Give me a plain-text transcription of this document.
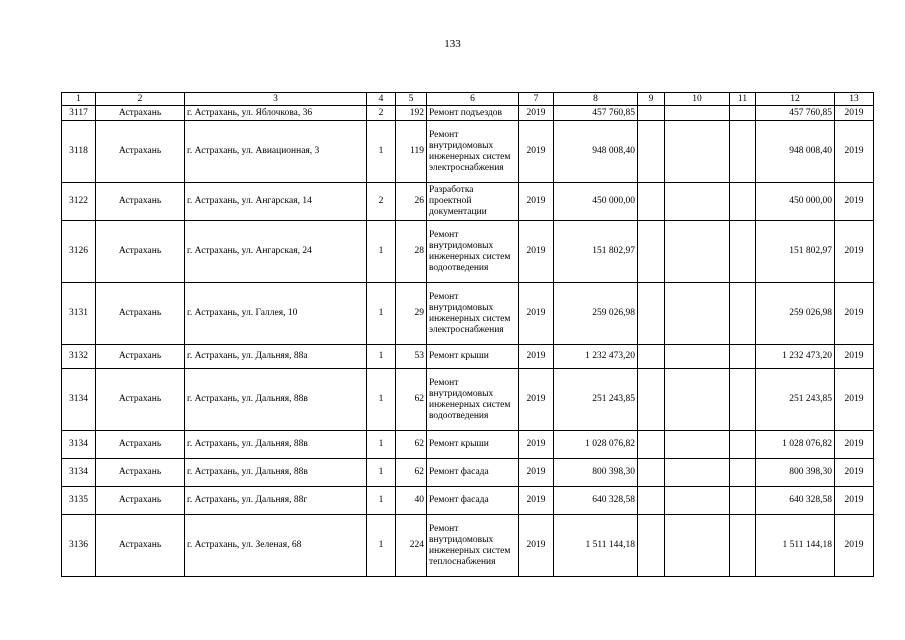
133
1	2	3	4	5	6	7	8	9	10	11	12	13
3117	Астрахань	г. Астрахань, ул. Яблочкова, 36	2	192	Ремонт подъездов	2019	457 760,85				457 760,85	2019
3118	Астрахань	г. Астрахань, ул. Авиационная, 3	1	119	Ремонт внутридомовых инженерных систем электроснабжения	2019	948 008,40				948 008,40	2019
3122	Астрахань	г. Астрахань, ул. Ангарская, 14	2	26	Разработка проектной документации	2019	450 000,00				450 000,00	2019
3126	Астрахань	г. Астрахань, ул. Ангарская, 24	1	28	Ремонт внутридомовых инженерных систем водоотведения	2019	151 802,97				151 802,97	2019
3131	Астрахань	г. Астрахань, ул. Галлея, 10	1	29	Ремонт внутридомовых инженерных систем электроснабжения	2019	259 026,98				259 026,98	2019
3132	Астрахань	г. Астрахань, ул. Дальняя, 88а	1	53	Ремонт крыши	2019	1 232 473,20				1 232 473,20	2019
3134	Астрахань	г. Астрахань, ул. Дальняя, 88в	1	62	Ремонт внутридомовых инженерных систем водоотведения	2019	251 243,85				251 243,85	2019
3134	Астрахань	г. Астрахань, ул. Дальняя, 88в	1	62	Ремонт крыши	2019	1 028 076,82				1 028 076,82	2019
3134	Астрахань	г. Астрахань, ул. Дальняя, 88в	1	62	Ремонт фасада	2019	800 398,30				800 398,30	2019
3135	Астрахань	г. Астрахань, ул. Дальняя, 88г	1	40	Ремонт фасада	2019	640 328,58				640 328,58	2019
3136	Астрахань	г. Астрахань, ул. Зеленая, 68	1	224	Ремонт внутридомовых инженерных систем теплоснабжения	2019	1 511 144,18				1 511 144,18	2019
